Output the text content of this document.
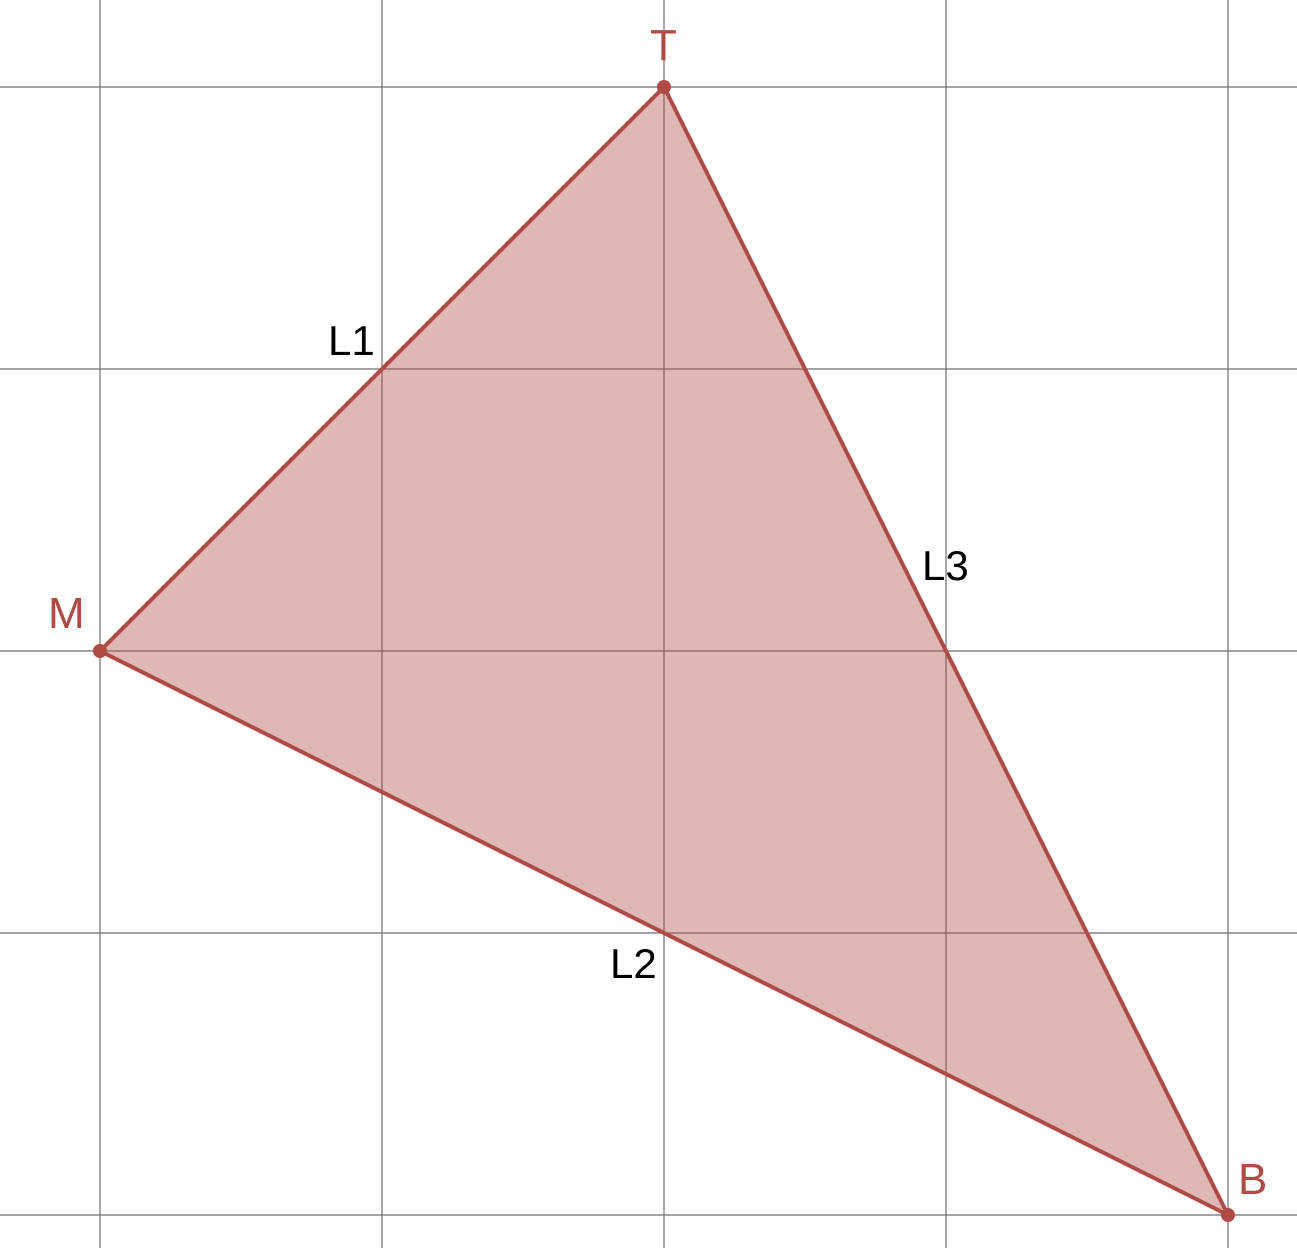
T
M
B
L1
L2
L3
